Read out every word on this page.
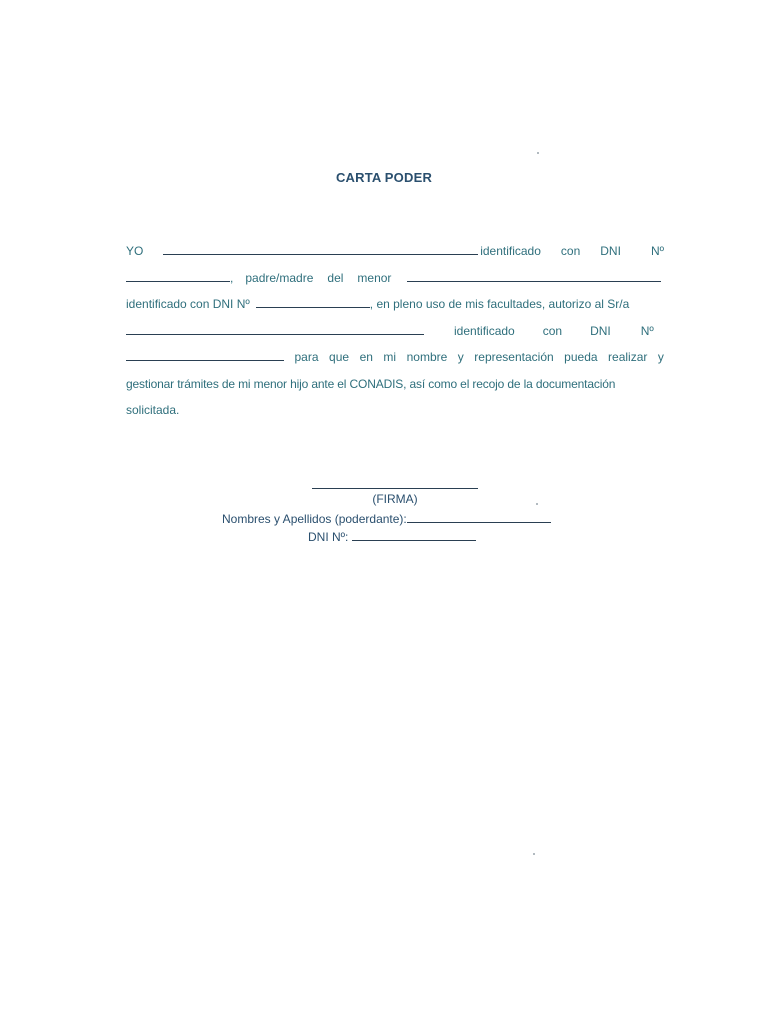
CARTA PODER
YO	identificado con DNI	Nº
, padre/madre del menor
identificado con DNI Nº	, en pleno uso de mis facultades, autorizo al Sr/a
identificado con DNI	Nº
para que en mi nombre y representación pueda realizar y
gestionar trámites de mi menor hijo ante el CONADIS, así como el recojo de la documentación
solicitada.
(FIRMA)
Nombres y Apellidos (poderdante):
DNI Nº:
